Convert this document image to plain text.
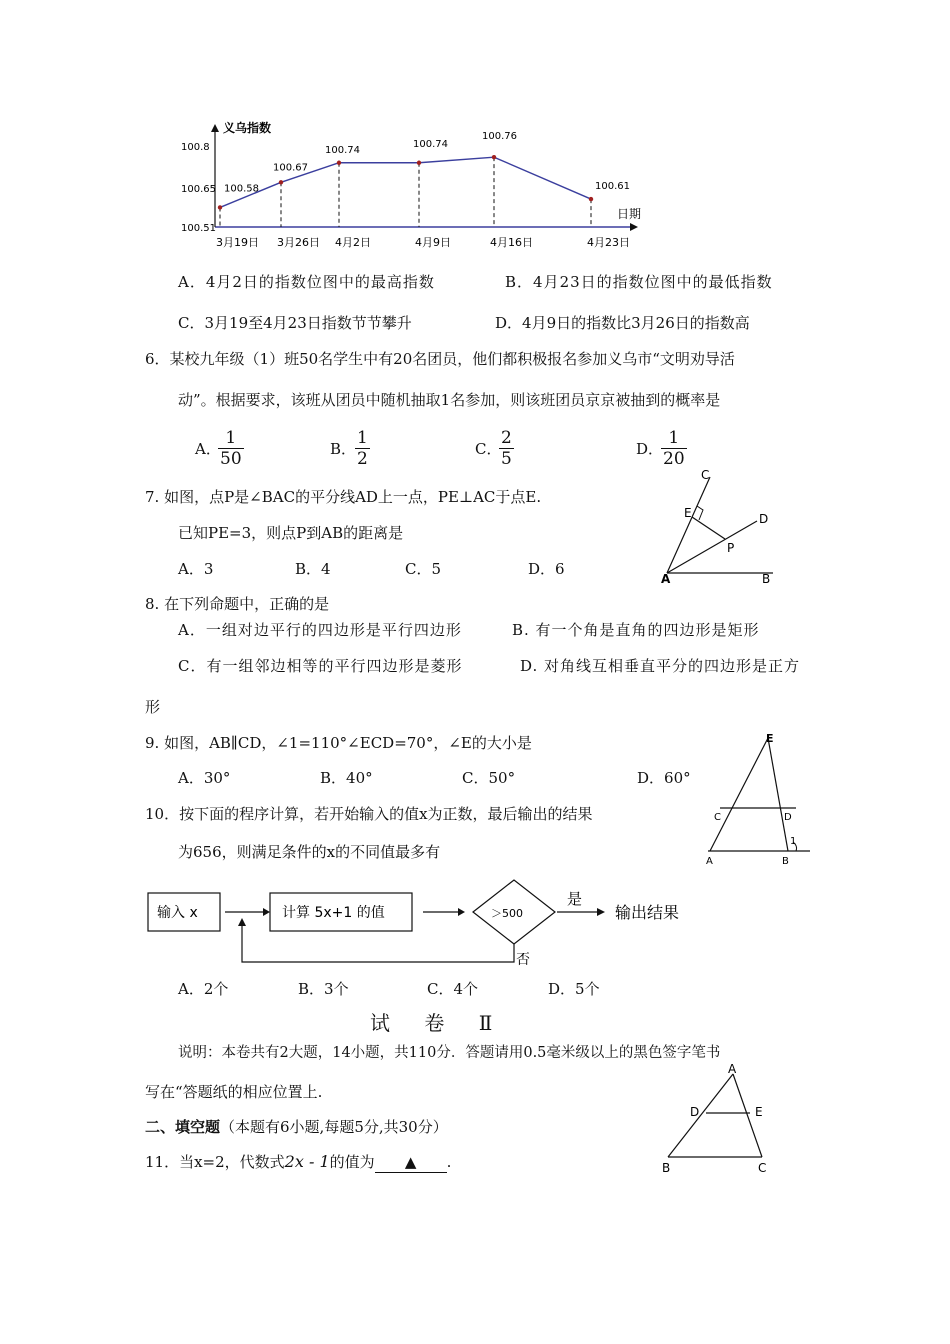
义乌指数
日期
100.8
100.65
100.51
3月19日 3月26日 4月2日	4月9日	4月16日	4月23日
100.58
100.67
100.74
100.74
100.76
100.61
A．4月2日的指数位图中的最高指数	B．4月23日的指数位图中的最低指数
C．3月19至4月23日指数节节攀升	D．4月9日的指数比3月26日的指数高
6．某校九年级（1）班50名学生中有20名团员，他们都积极报名参加义乌市“文明劝导活
动”。根据要求，该班从团员中随机抽取1名参加，则该班团员京京被抽到的概率是
A．
$\frac{1}{50}$	B．
$\frac{1}{2}$	C．
$\frac{2}{5}$	D．
$\frac{1}{20}$
7. 如图，点P是∠BAC的平分线AD上一点，PE⊥AC于点E.
已知PE=3，则点P到AB的距离是
A．3	B．4	C．5	D．6
C
E	D
P
A	B
8. 在下列命题中，正确的是
A．一组对边平行的四边形是平行四边形	B. 有一个角是直角的四边形是矩形
C．有一组邻边相等的平行四边形是菱形	D. 对角线互相垂直平分的四边形是正方
形
9. 如图，AB∥CD，∠1=110°∠ECD=70°，∠E的大小是
A．30°	B．40°	C．50°	D．60°
E
C	D
1
A	B
10．按下面的程序计算，若开始输入的值x为正数，最后输出的结果
为656，则满足条件的x的不同值最多有
输入 x	计算 5x+1 的值	＞500
是
输出结果
否
A．2个	B．3个	C．4个	D．5个
试 卷 Ⅱ
说明：本卷共有2大题，14小题，共110分．答题请用0.5毫米级以上的黑色签字笔书
写在“答题纸的相应位置上.
二、填空题（本题有6小题,每题5分,共30分）
11．当x=2，代数式2x - 1的值为 ▲ .
A
D	E
B	C
